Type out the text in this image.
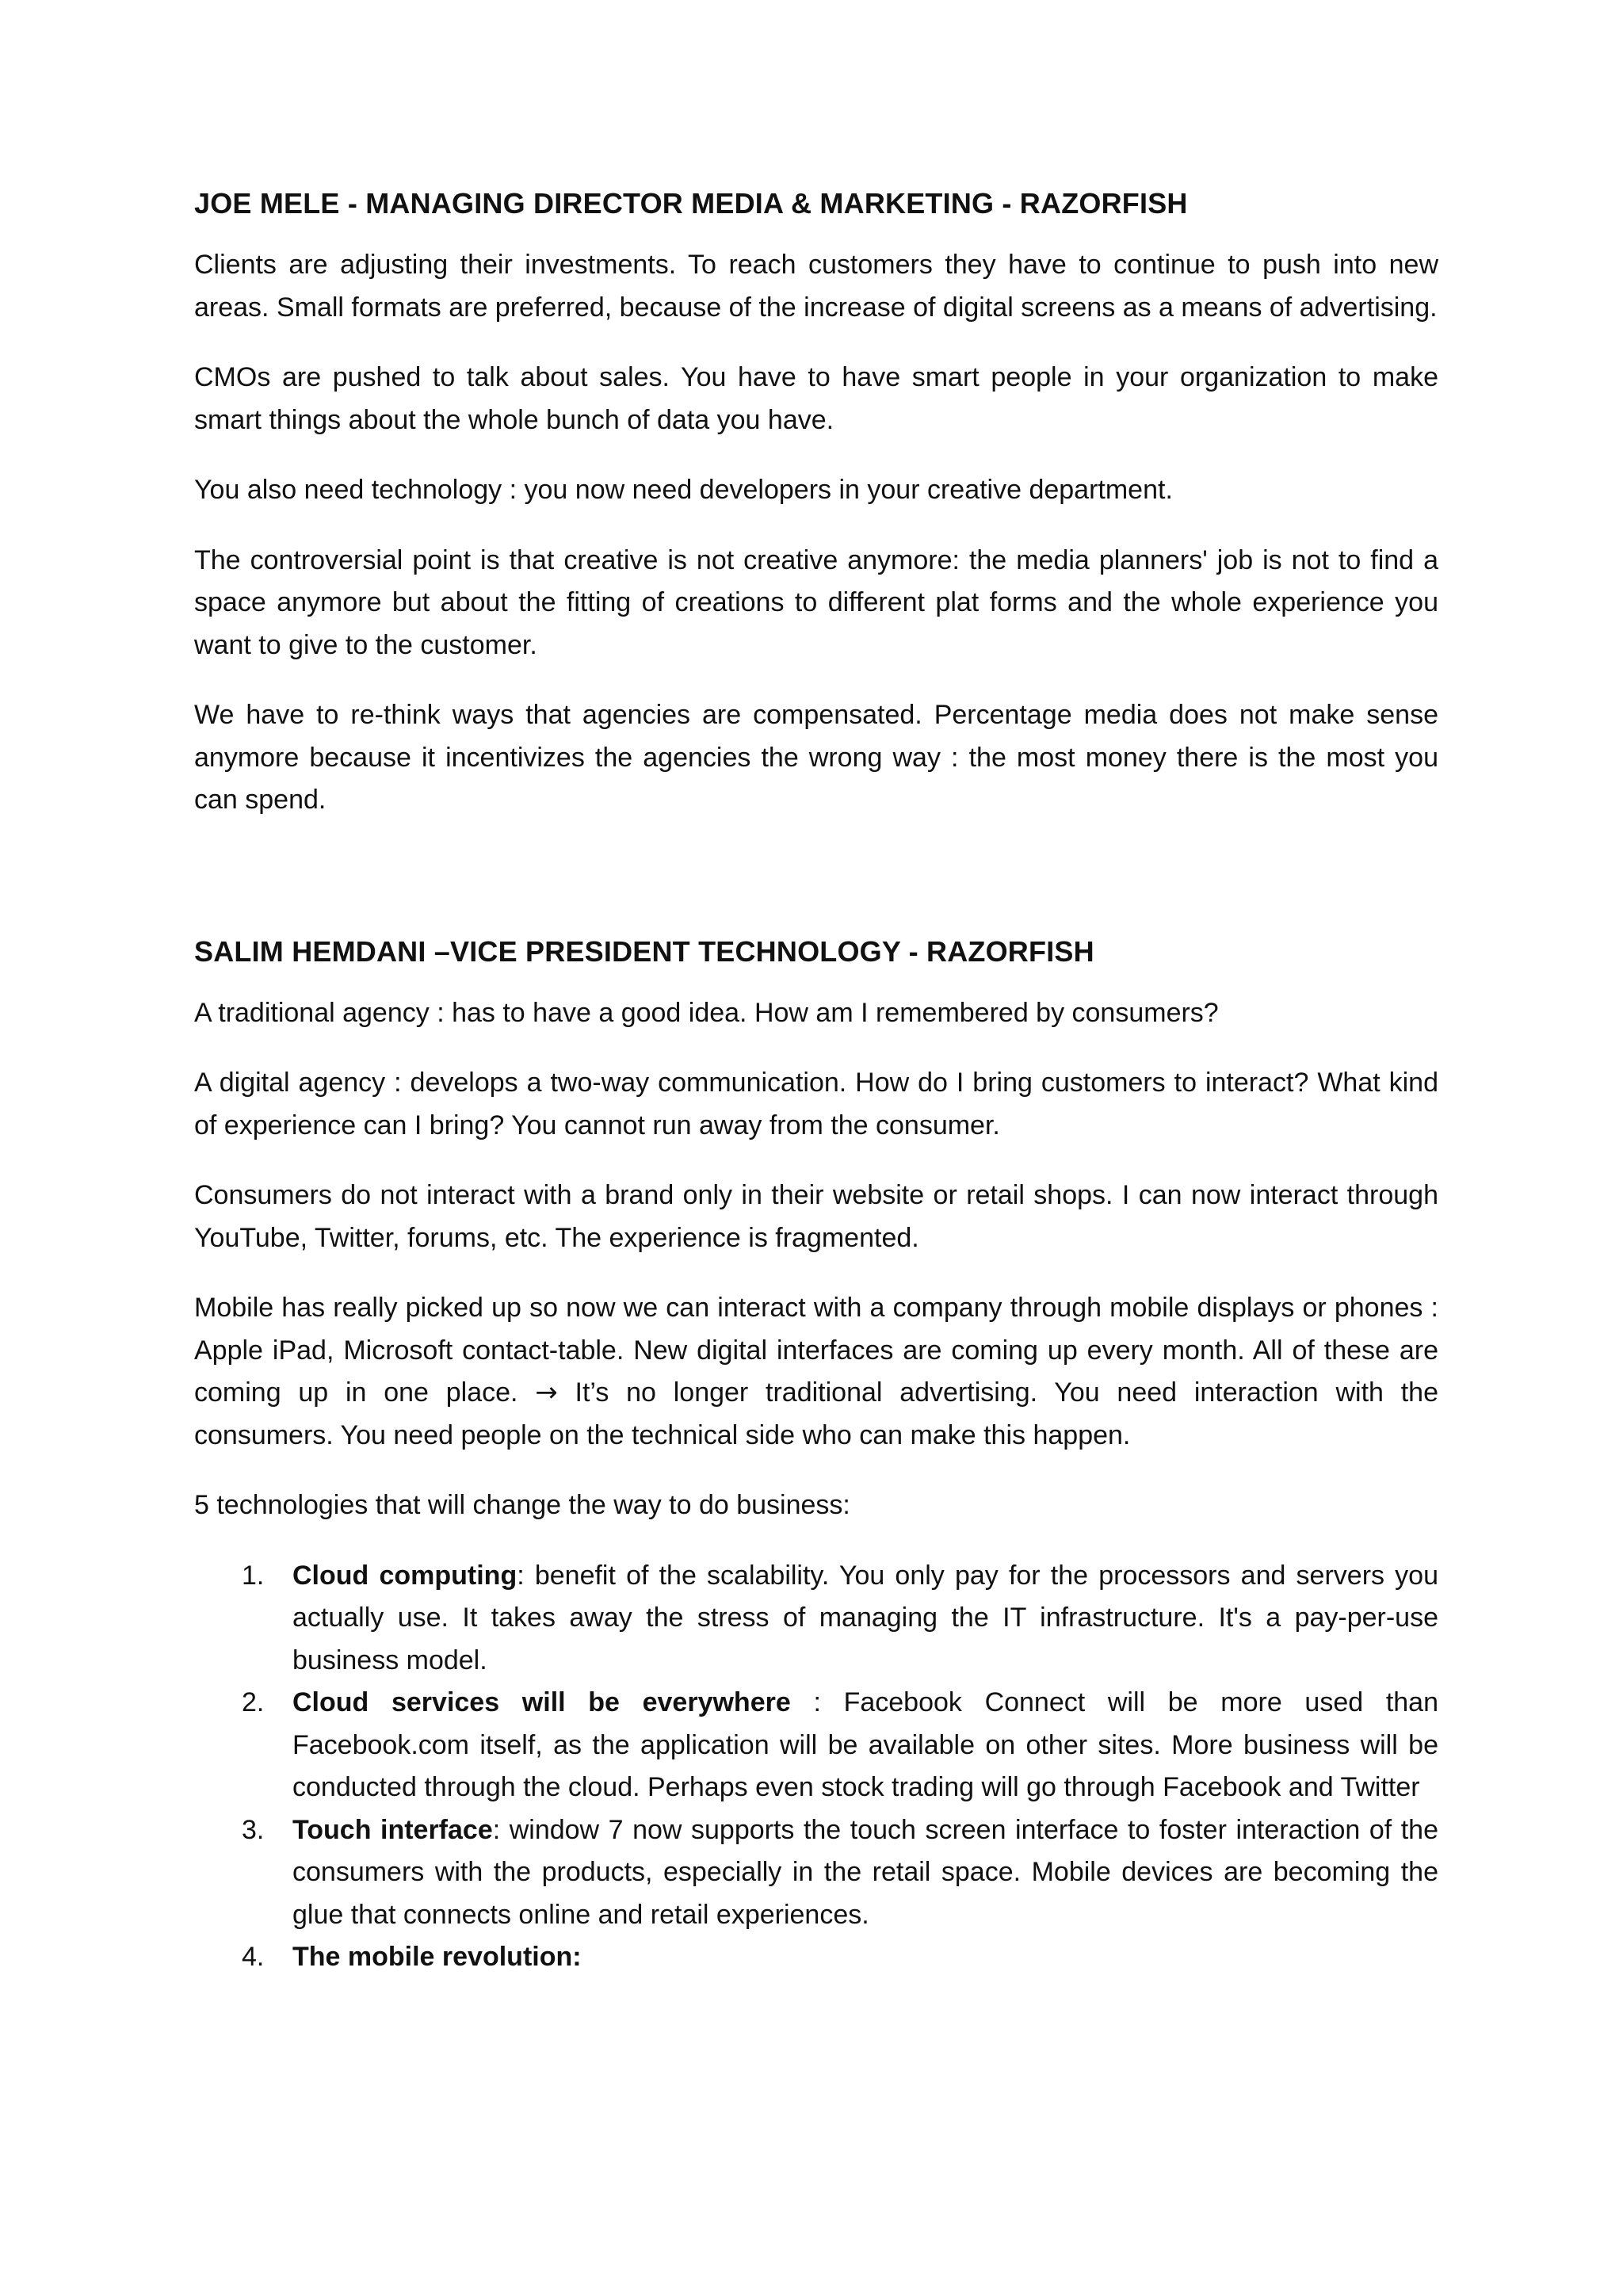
JOE MELE - MANAGING DIRECTOR MEDIA & MARKETING - RAZORFISH

Clients are adjusting their investments. To reach customers they have to continue to push into new areas. Small formats are preferred, because of the increase of digital screens as a means of advertising.

CMOs are pushed to talk about sales. You have to have smart people in your organization to make smart things about the whole bunch of data you have.

You also need technology : you now need developers in your creative department.

The controversial point is that creative is not creative anymore: the media planners' job is not to find a space anymore but about the fitting of creations to different plat forms and the whole experience you want to give to the customer.

We have to re-think ways that agencies are compensated. Percentage media does not make sense anymore because it incentivizes the agencies the wrong way : the most money there is the most you can spend.

SALIM HEMDANI –VICE PRESIDENT TECHNOLOGY - RAZORFISH

A traditional agency : has to have a good idea. How am I remembered by consumers?

A digital agency : develops a two-way communication. How do I bring customers to interact? What kind of experience can I bring? You cannot run away from the consumer.

Consumers do not interact with a brand only in their website or retail shops. I can now interact through YouTube, Twitter, forums, etc. The experience is fragmented.

Mobile has really picked up so now we can interact with a company through mobile displays or phones : Apple iPad, Microsoft contact-table. New digital interfaces are coming up every month. All of these are coming up in one place. → It’s no longer traditional advertising. You need interaction with the consumers. You need people on the technical side who can make this happen.

5 technologies that will change the way to do business:

1. Cloud computing: benefit of the scalability. You only pay for the processors and servers you actually use. It takes away the stress of managing the IT infrastructure. It's a pay-per-use business model.
2. Cloud services will be everywhere : Facebook Connect will be more used than Facebook.com itself, as the application will be available on other sites. More business will be conducted through the cloud. Perhaps even stock trading will go through Facebook and Twitter
3. Touch interface: window 7 now supports the touch screen interface to foster interaction of the consumers with the products, especially in the retail space. Mobile devices are becoming the glue that connects online and retail experiences.
4. The mobile revolution:
